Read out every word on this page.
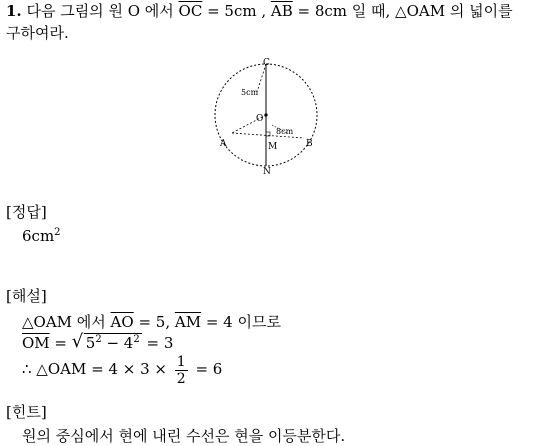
1. 다음 그림의 원 O 에서 $\overline{OC} = 5cm$ , $\overline{AB} = 8cm$ 일 때, △OAM 의 넓이를
구하여라.
C
5cm
O
8cm
A	B
M
N
[정답]
$6cm^2$
[해설]
△OAM 에서 $\overline{AO} = 5$, $\overline{AM} = 4$ 이므로
$\overline{OM}$ = √ $5^2 - 4^2 = 3$
∴ △OAM = $4 \times 3 \times \frac{1}{2} = 6$
[힌트]
원의 중심에서 현에 내린 수선은 현을 이등분한다.
